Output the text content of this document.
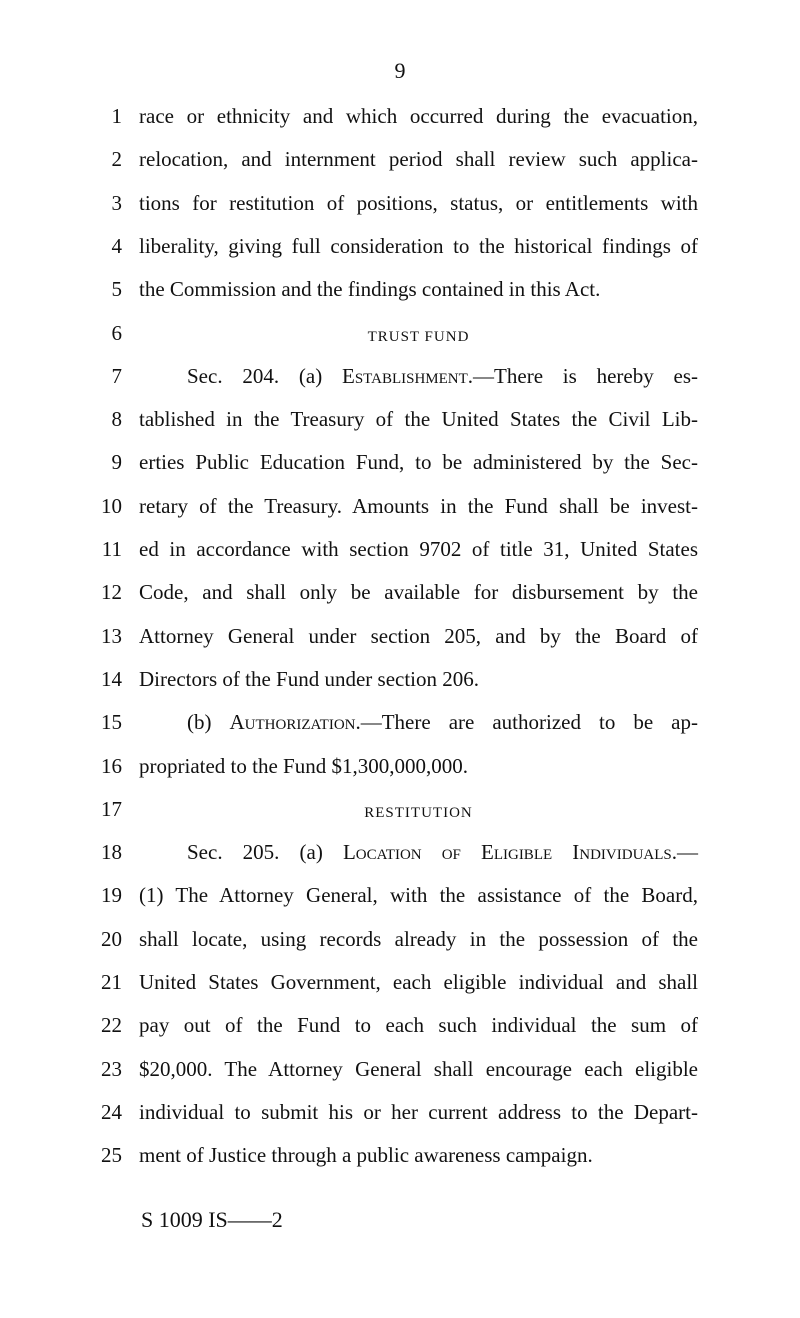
9
1 race or ethnicity and which occurred during the evacuation,
2 relocation, and internment period shall review such applica-
3 tions for restitution of positions, status, or entitlements with
4 liberality, giving full consideration to the historical findings of
5 the Commission and the findings contained in this Act.
6	TRUST FUND
7	Sec. 204. (a) Establishment.—There is hereby es-
8 tablished in the Treasury of the United States the Civil Lib-
9 erties Public Education Fund, to be administered by the Sec-
10 retary of the Treasury. Amounts in the Fund shall be invest-
11 ed in accordance with section 9702 of title 31, United States
12 Code, and shall only be available for disbursement by the
13 Attorney General under section 205, and by the Board of
14 Directors of the Fund under section 206.
15	(b) Authorization.—There are authorized to be ap-
16 propriated to the Fund $1,300,000,000.
17	RESTITUTION
18	Sec. 205. (a) Location of Eligible Individuals.—
19 (1) The Attorney General, with the assistance of the Board,
20 shall locate, using records already in the possession of the
21 United States Government, each eligible individual and shall
22 pay out of the Fund to each such individual the sum of
23 $20,000. The Attorney General shall encourage each eligible
24 individual to submit his or her current address to the Depart-
25 ment of Justice through a public awareness campaign.
S 1009 IS——2
